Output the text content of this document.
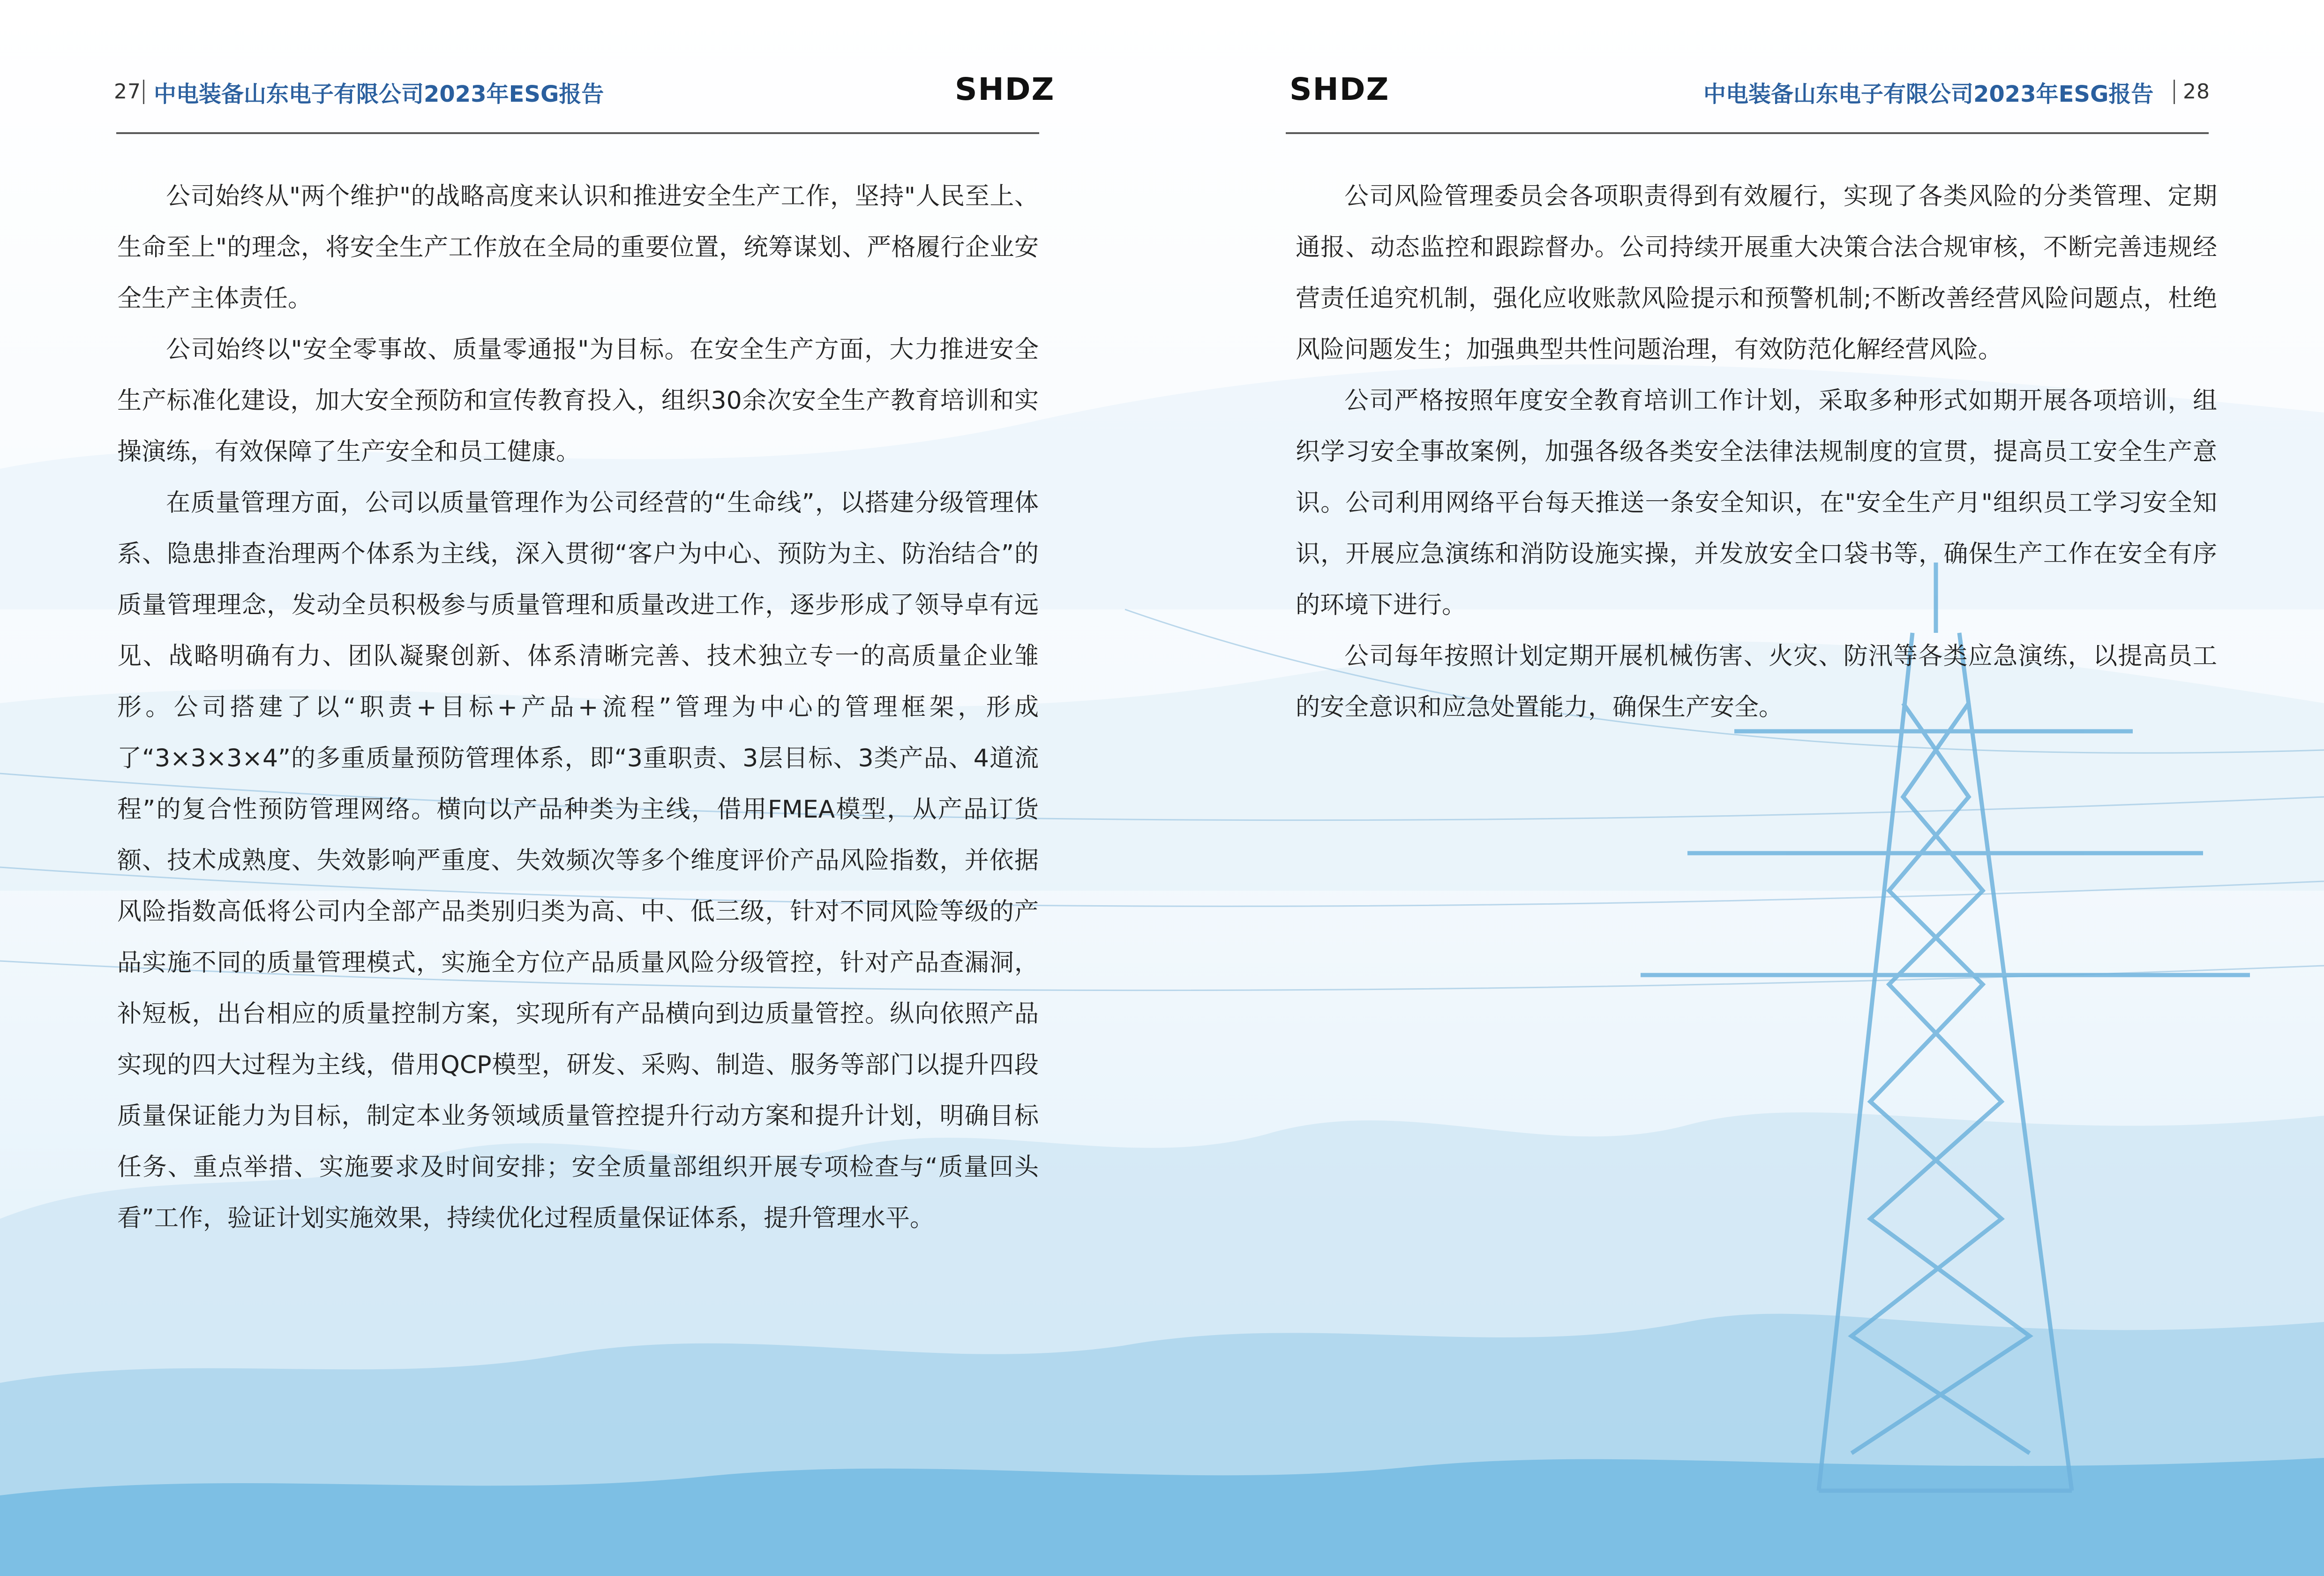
27 中电装备山东电子有限公司2023年ESG报告	SHDZ

公司始终从"两个维护"的战略高度来认识和推进安全生产工作，坚持"人民至上、生命至上"的理念，将安全生产工作放在全局的重要位置，统筹谋划、严格履行企业安全生产主体责任。

公司始终以"安全零事故、质量零通报"为目标。在安全生产方面，大力推进安全生产标准化建设，加大安全预防和宣传教育投入，组织30余次安全生产教育培训和实操演练，有效保障了生产安全和员工健康。

在质量管理方面，公司以质量管理作为公司经营的“生命线”，以搭建分级管理体系、隐患排查治理两个体系为主线，深入贯彻“客户为中心、预防为主、防治结合”的质量管理理念，发动全员积极参与质量管理和质量改进工作，逐步形成了领导卓有远见、战略明确有力、团队凝聚创新、体系清晰完善、技术独立专一的高质量企业雏形。公司搭建了以“职责+目标+产品+流程”管理为中心的管理框架，形成了“3×3×3×4”的多重质量预防管理体系，即“3重职责、3层目标、3类产品、4道流程”的复合性预防管理网络。横向以产品种类为主线，借用FMEA模型，从产品订货额、技术成熟度、失效影响严重度、失效频次等多个维度评价产品风险指数，并依据风险指数高低将公司内全部产品类别归类为高、中、低三级，针对不同风险等级的产品实施不同的质量管理模式，实施全方位产品质量风险分级管控，针对产品查漏洞，补短板，出台相应的质量控制方案，实现所有产品横向到边质量管控。纵向依照产品实现的四大过程为主线，借用QCP模型，研发、采购、制造、服务等部门以提升四段质量保证能力为目标，制定本业务领域质量管控提升行动方案和提升计划，明确目标任务、重点举措、实施要求及时间安排；安全质量部组织开展专项检查与“质量回头看”工作，验证计划实施效果，持续优化过程质量保证体系，提升管理水平。

SHDZ	中电装备山东电子有限公司2023年ESG报告 28

公司风险管理委员会各项职责得到有效履行，实现了各类风险的分类管理、定期通报、动态监控和跟踪督办。公司持续开展重大决策合法合规审核，不断完善违规经营责任追究机制，强化应收账款风险提示和预警机制;不断改善经营风险问题点，杜绝风险问题发生；加强典型共性问题治理，有效防范化解经营风险。

公司严格按照年度安全教育培训工作计划，采取多种形式如期开展各项培训，组织学习安全事故案例，加强各级各类安全法律法规制度的宣贯，提高员工安全生产意识。公司利用网络平台每天推送一条安全知识，在"安全生产月"组织员工学习安全知识，开展应急演练和消防设施实操，并发放安全口袋书等，确保生产工作在安全有序的环境下进行。

公司每年按照计划定期开展机械伤害、火灾、防汛等各类应急演练，以提高员工的安全意识和应急处置能力，确保生产安全。
